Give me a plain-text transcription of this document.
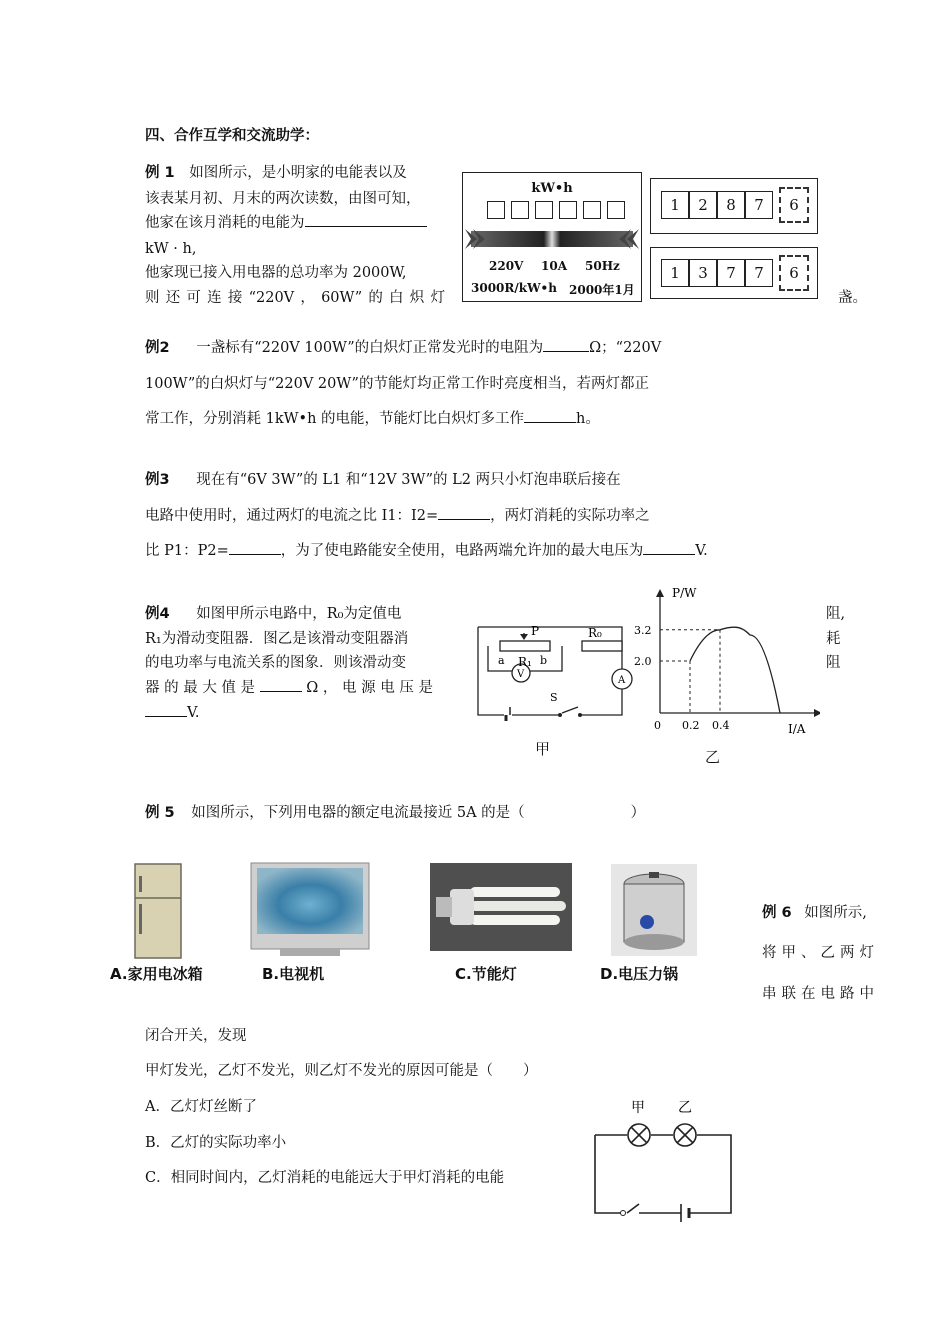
四、合作互学和交流助学：
例 1 如图所示，是小明家的电能表以及
该表某月初、月末的两次读数，由图可知，
他家在该月消耗的电能为
kW · h,
他家现已接入用电器的总功率为 2000W,
则还可连接“220V，60W”的白炽灯	盏。
kW•h
220V 10A 50Hz
3000R/kW•h 2000年1月
1	2	8	7	6
1	3	7	7	6
例2 一盏标有“220V 100W”的白炽灯正常发光时的电阻为	Ω；“220V
100W”的白炽灯与“220V 20W”的节能灯均正常工作时亮度相当，若两灯都正
常工作，分别消耗 1kW•h 的电能，节能灯比白炽灯多工作	h。
例3 现在有“6V 3W”的 L1 和“12V 3W”的 L2 两只小灯泡串联后接在
电路中使用时，通过两灯的电流之比 I1：I2=	，两灯消耗的实际功率之
比 P1：P2=	，为了使电路能安全使用，电路两端允许加的最大电压为	V.
例4 如图甲所示电路中，R₀为定值电
R₁为滑动变阻器．图乙是该滑动变阻器消
的电功率与电流关系的图象．则该滑动变
器 的 最 大 值 是	Ω ， 电 源 电 压 是
V.
阻,
耗
阻
P	R₀
R₁
a	b
V
A
S
甲
P/W
I/A
0 0.2 0.4
2.0
3.2
乙
例 5 如图所示，下列用电器的额定电流最接近 5A 的是（	）
A.家用电冰箱	B.电视机	C.节能灯	D.电压力锅
例 6 如图所示,
将甲、乙两灯
串联在电路中
闭合开关，发现
甲灯发光，乙灯不发光，则乙灯不发光的原因可能是（ ）
A．乙灯灯丝断了
B．乙灯的实际功率小
C．相同时间内，乙灯消耗的电能远大于甲灯消耗的电能
甲 乙
